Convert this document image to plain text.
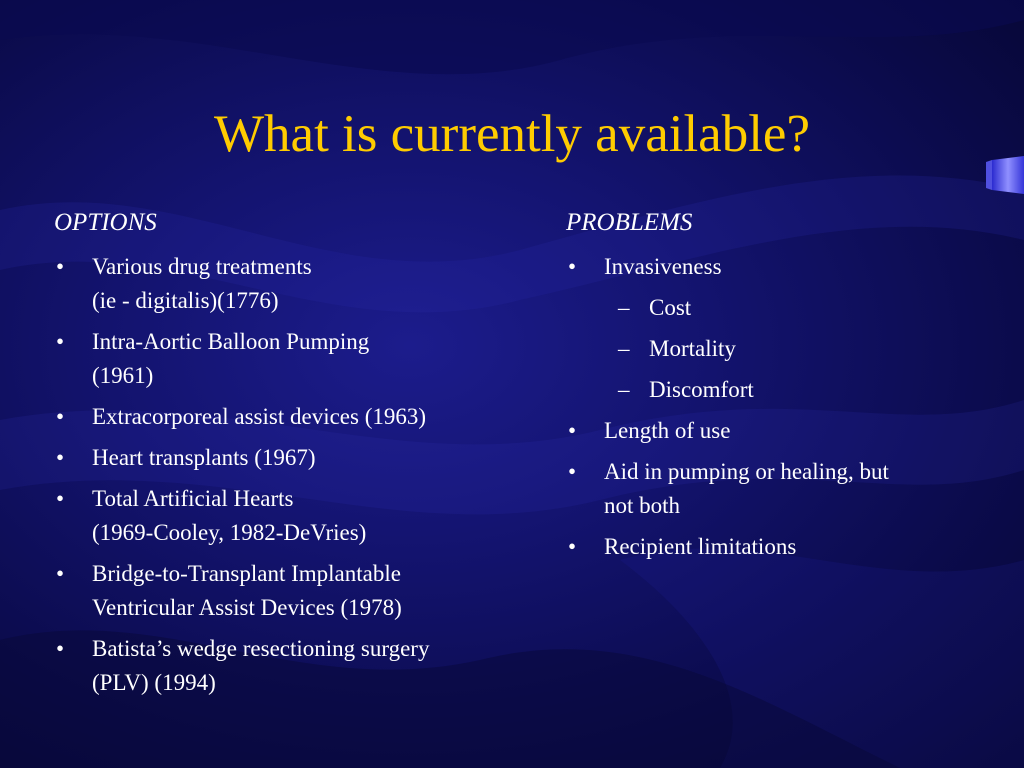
What is currently available?
OPTIONS
• Various drug treatments
(ie - digitalis)(1776)
• Intra-Aortic Balloon Pumping
(1961)
• Extracorporeal assist devices (1963)
• Heart transplants (1967)
• Total Artificial Hearts
(1969-Cooley, 1982-DeVries)
• Bridge-to-Transplant Implantable
Ventricular Assist Devices (1978)
• Batista’s wedge resectioning surgery
(PLV) (1994)
PROBLEMS
• Invasiveness
– Cost
– Mortality
– Discomfort
• Length of use
• Aid in pumping or healing, but
not both
• Recipient limitations
